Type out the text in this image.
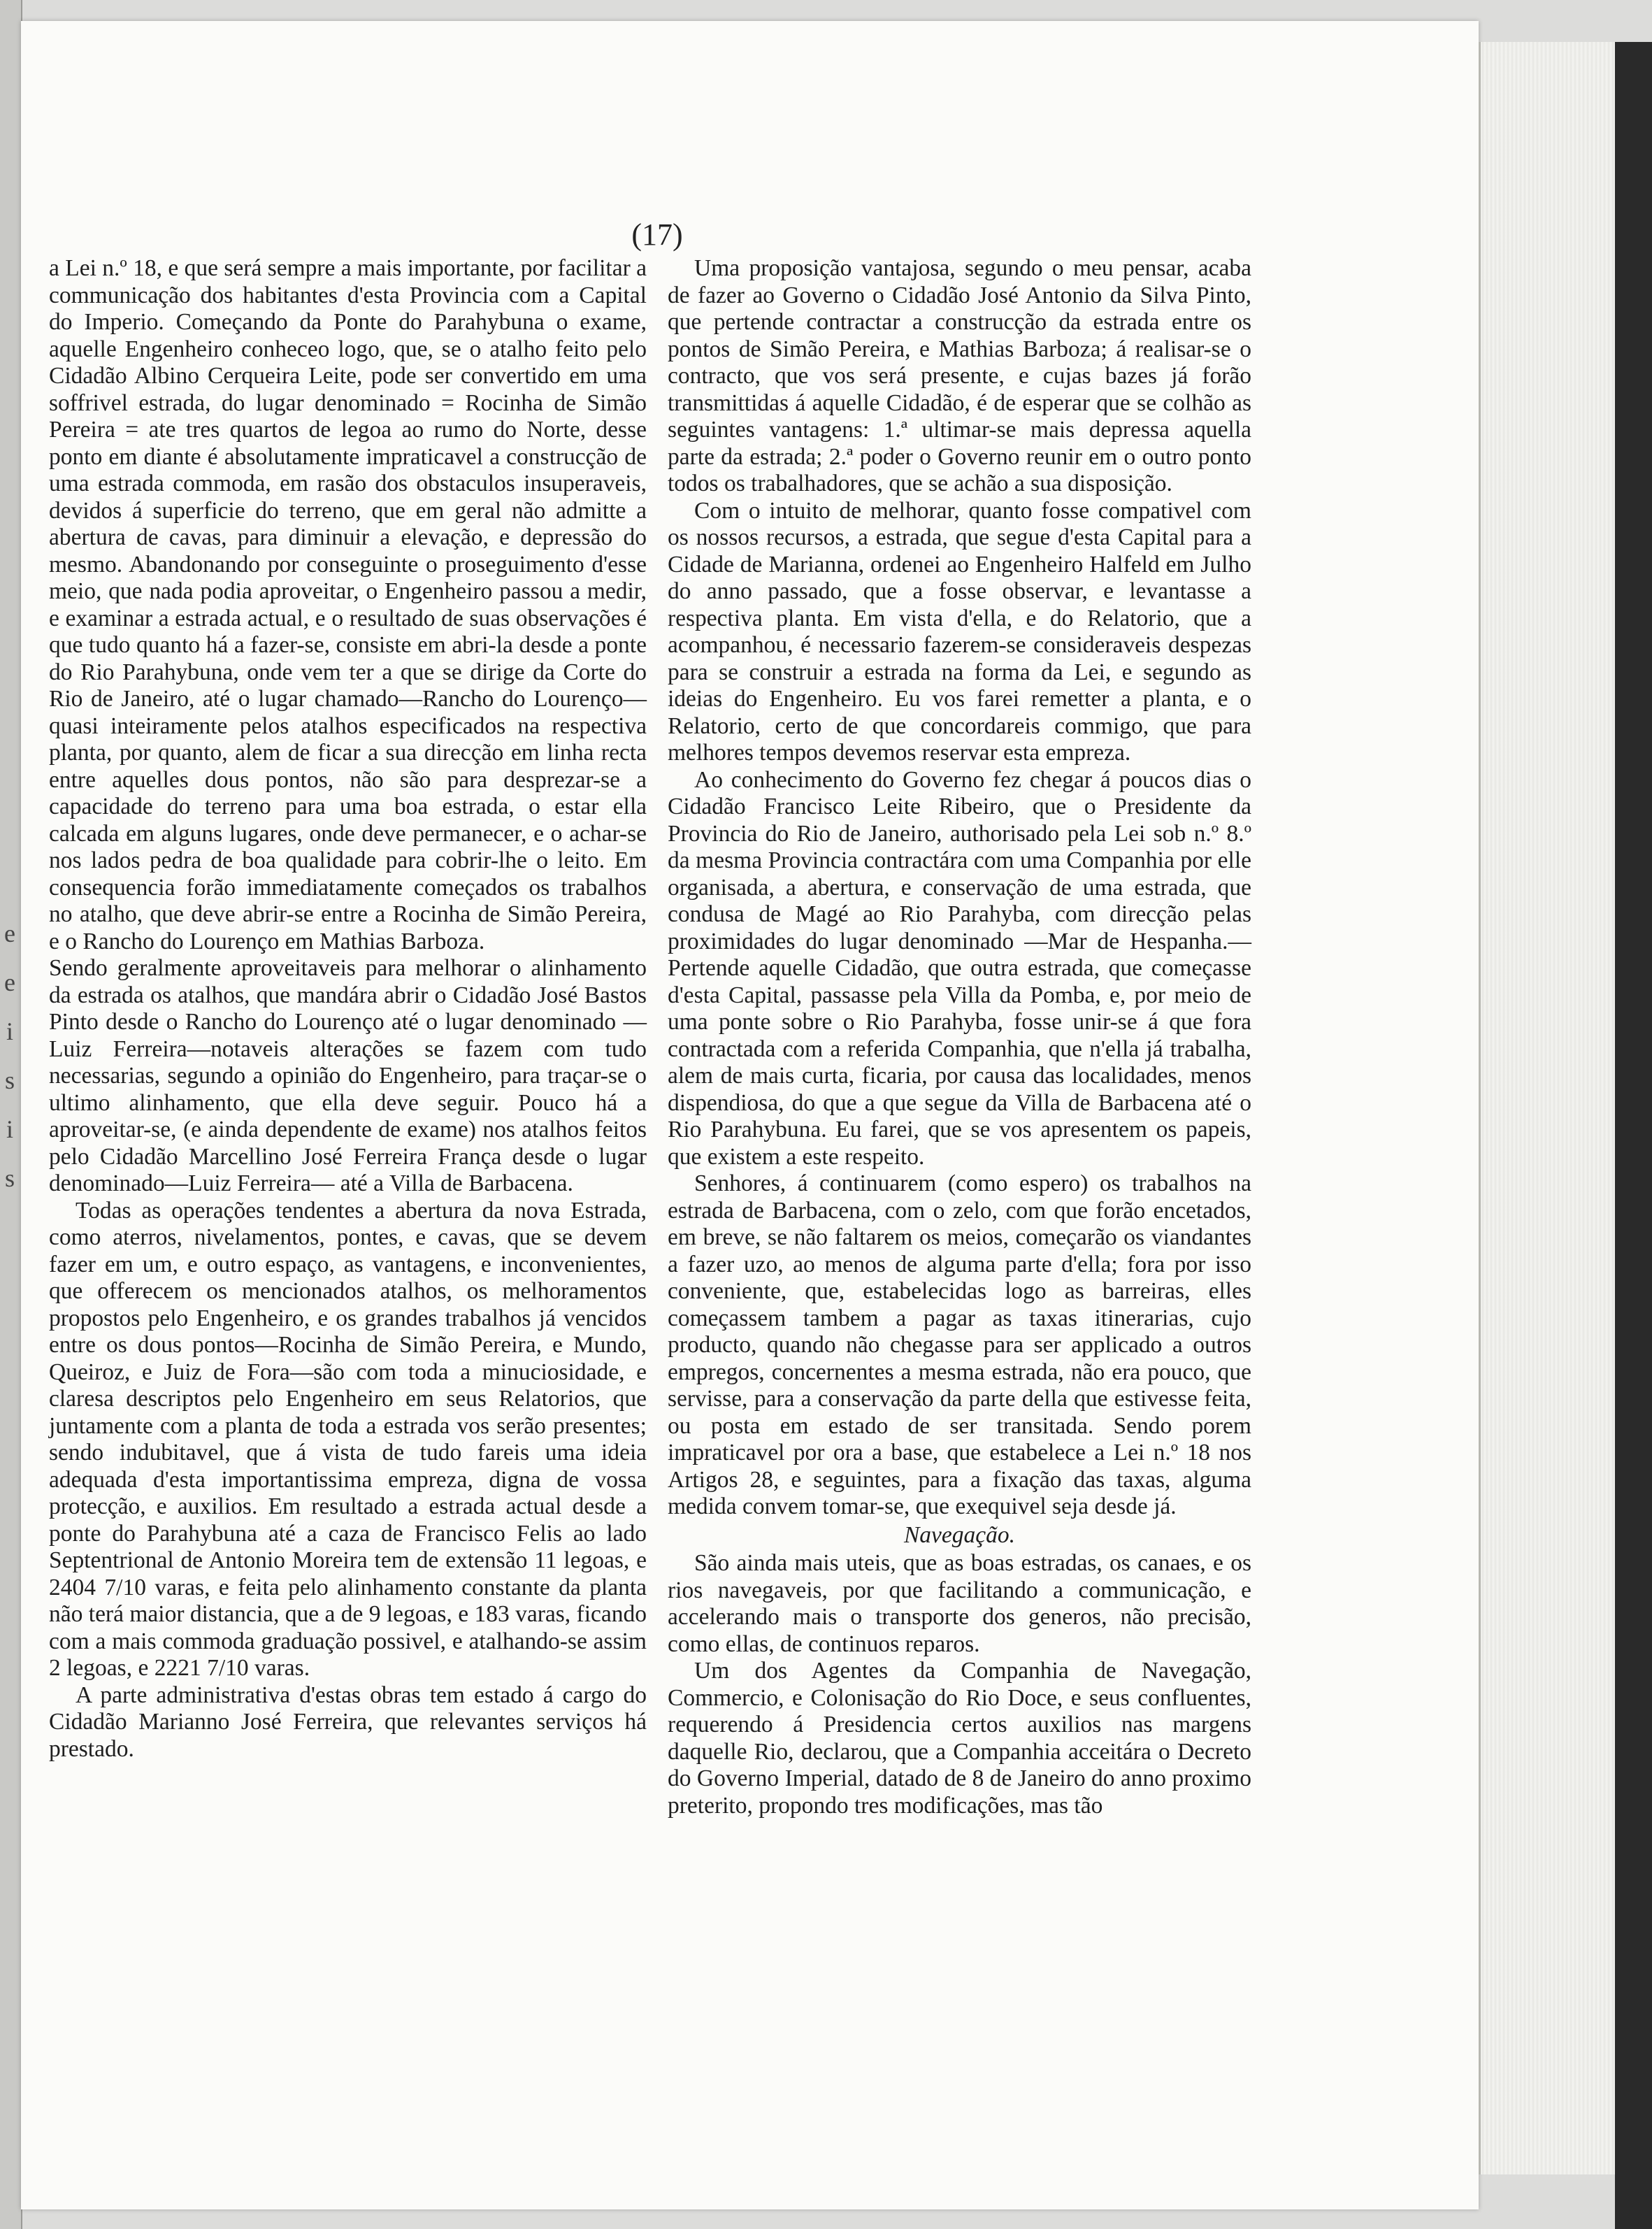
e
e
i
s
i
s
(17)

a Lei n.º 18, e que será sempre a mais importante, por facilitar a communicação dos habitantes d'esta Provincia com a Capital do Imperio. Começando da Ponte do Parahybuna o exame, aquelle Engenheiro conheceo logo, que, se o atalho feito pelo Cidadão Albino Cerqueira Leite, pode ser convertido em uma soffrivel estrada, do lugar denominado = Rocinha de Simão Pereira = ate tres quartos de legoa ao rumo do Norte, desse ponto em diante é absolutamente impraticavel a construcção de uma estrada commoda, em rasão dos obstaculos insuperaveis, devidos á superficie do terreno, que em geral não admitte a abertura de cavas, para diminuir a elevação, e depressão do mesmo. Abandonando por conseguinte o proseguimento d'esse meio, que nada podia aproveitar, o Engenheiro passou a medir, e examinar a estrada actual, e o resultado de suas observações é que tudo quanto há a fazer-se, consiste em abri-la desde a ponte do Rio Parahybuna, onde vem ter a que se dirige da Corte do Rio de Janeiro, até o lugar chamado—Rancho do Lourenço—quasi inteiramente pelos atalhos especificados na respectiva planta, por quanto, alem de ficar a sua direcção em linha recta entre aquelles dous pontos, não são para desprezar-se a capacidade do terreno para uma boa estrada, o estar ella calcada em alguns lugares, onde deve permanecer, e o achar-se nos lados pedra de boa qualidade para cobrir-lhe o leito. Em consequencia forão immediatamente começados os trabalhos no atalho, que deve abrir-se entre a Rocinha de Simão Pereira, e o Rancho do Lourenço em Mathias Barboza.

Sendo geralmente aproveitaveis para melhorar o alinhamento da estrada os atalhos, que mandára abrir o Cidadão José Bastos Pinto desde o Rancho do Lourenço até o lugar denominado —Luiz Ferreira—notaveis alterações se fazem com tudo necessarias, segundo a opinião do Engenheiro, para traçar-se o ultimo alinhamento, que ella deve seguir. Pouco há a aproveitar-se, (e ainda dependente de exame) nos atalhos feitos pelo Cidadão Marcellino José Ferreira França desde o lugar denominado—Luiz Ferreira— até a Villa de Barbacena.

Todas as operações tendentes a abertura da nova Estrada, como aterros, nivelamentos, pontes, e cavas, que se devem fazer em um, e outro espaço, as vantagens, e inconvenientes, que offerecem os mencionados atalhos, os melhoramentos propostos pelo Engenheiro, e os grandes trabalhos já vencidos entre os dous pontos—Rocinha de Simão Pereira, e Mundo, Queiroz, e Juiz de Fora—são com toda a minuciosidade, e claresa descriptos pelo Engenheiro em seus Relatorios, que juntamente com a planta de toda a estrada vos serão presentes; sendo indubitavel, que á vista de tudo fareis uma ideia adequada d'esta importantissima empreza, digna de vossa protecção, e auxilios. Em resultado a estrada actual desde a ponte do Parahybuna até a caza de Francisco Felis ao lado Septentrional de Antonio Moreira tem de extensão 11 legoas, e 2404 7/10 varas, e feita pelo alinhamento constante da planta não terá maior distancia, que a de 9 legoas, e 183 varas, ficando com a mais commoda graduação possivel, e atalhando-se assim 2 legoas, e 2221 7/10 varas.

A parte administrativa d'estas obras tem estado á cargo do Cidadão Marianno José Ferreira, que relevantes serviços há prestado.

Uma proposição vantajosa, segundo o meu pensar, acaba de fazer ao Governo o Cidadão José Antonio da Silva Pinto, que pertende contractar a construcção da estrada entre os pontos de Simão Pereira, e Mathias Barboza; á realisar-se o contracto, que vos será presente, e cujas bazes já forão transmittidas á aquelle Cidadão, é de esperar que se colhão as seguintes vantagens: 1.ª ultimar-se mais depressa aquella parte da estrada; 2.ª poder o Governo reunir em o outro ponto todos os trabalhadores, que se achão a sua disposição.

Com o intuito de melhorar, quanto fosse compativel com os nossos recursos, a estrada, que segue d'esta Capital para a Cidade de Marianna, ordenei ao Engenheiro Halfeld em Julho do anno passado, que a fosse observar, e levantasse a respectiva planta. Em vista d'ella, e do Relatorio, que a acompanhou, é necessario fazerem-se consideraveis despezas para se construir a estrada na forma da Lei, e segundo as ideias do Engenheiro. Eu vos farei remetter a planta, e o Relatorio, certo de que concordareis commigo, que para melhores tempos devemos reservar esta empreza.

Ao conhecimento do Governo fez chegar á poucos dias o Cidadão Francisco Leite Ribeiro, que o Presidente da Provincia do Rio de Janeiro, authorisado pela Lei sob n.º 8.º da mesma Provincia contractára com uma Companhia por elle organisada, a abertura, e conservação de uma estrada, que condusa de Magé ao Rio Parahyba, com direcção pelas proximidades do lugar denominado —Mar de Hespanha.— Pertende aquelle Cidadão, que outra estrada, que começasse d'esta Capital, passasse pela Villa da Pomba, e, por meio de uma ponte sobre o Rio Parahyba, fosse unir-se á que fora contractada com a referida Companhia, que n'ella já trabalha, alem de mais curta, ficaria, por causa das localidades, menos dispendiosa, do que a que segue da Villa de Barbacena até o Rio Parahybuna. Eu farei, que se vos apresentem os papeis, que existem a este respeito.

Senhores, á continuarem (como espero) os trabalhos na estrada de Barbacena, com o zelo, com que forão encetados, em breve, se não faltarem os meios, começarão os viandantes a fazer uzo, ao menos de alguma parte d'ella; fora por isso conveniente, que, estabelecidas logo as barreiras, elles começassem tambem a pagar as taxas itinerarias, cujo producto, quando não chegasse para ser applicado a outros empregos, concernentes a mesma estrada, não era pouco, que servisse, para a conservação da parte della que estivesse feita, ou posta em estado de ser transitada. Sendo porem impraticavel por ora a base, que estabelece a Lei n.º 18 nos Artigos 28, e seguintes, para a fixação das taxas, alguma medida convem tomar-se, que exequivel seja desde já.

Navegação.

São ainda mais uteis, que as boas estradas, os canaes, e os rios navegaveis, por que facilitando a communicação, e accelerando mais o transporte dos generos, não precisão, como ellas, de continuos reparos.

Um dos Agentes da Companhia de Navegação, Commercio, e Colonisação do Rio Doce, e seus confluentes, requerendo á Presidencia certos auxilios nas margens daquelle Rio, declarou, que a Companhia acceitára o Decreto do Governo Imperial, datado de 8 de Janeiro do anno proximo preterito, propondo tres modificações, mas tão
